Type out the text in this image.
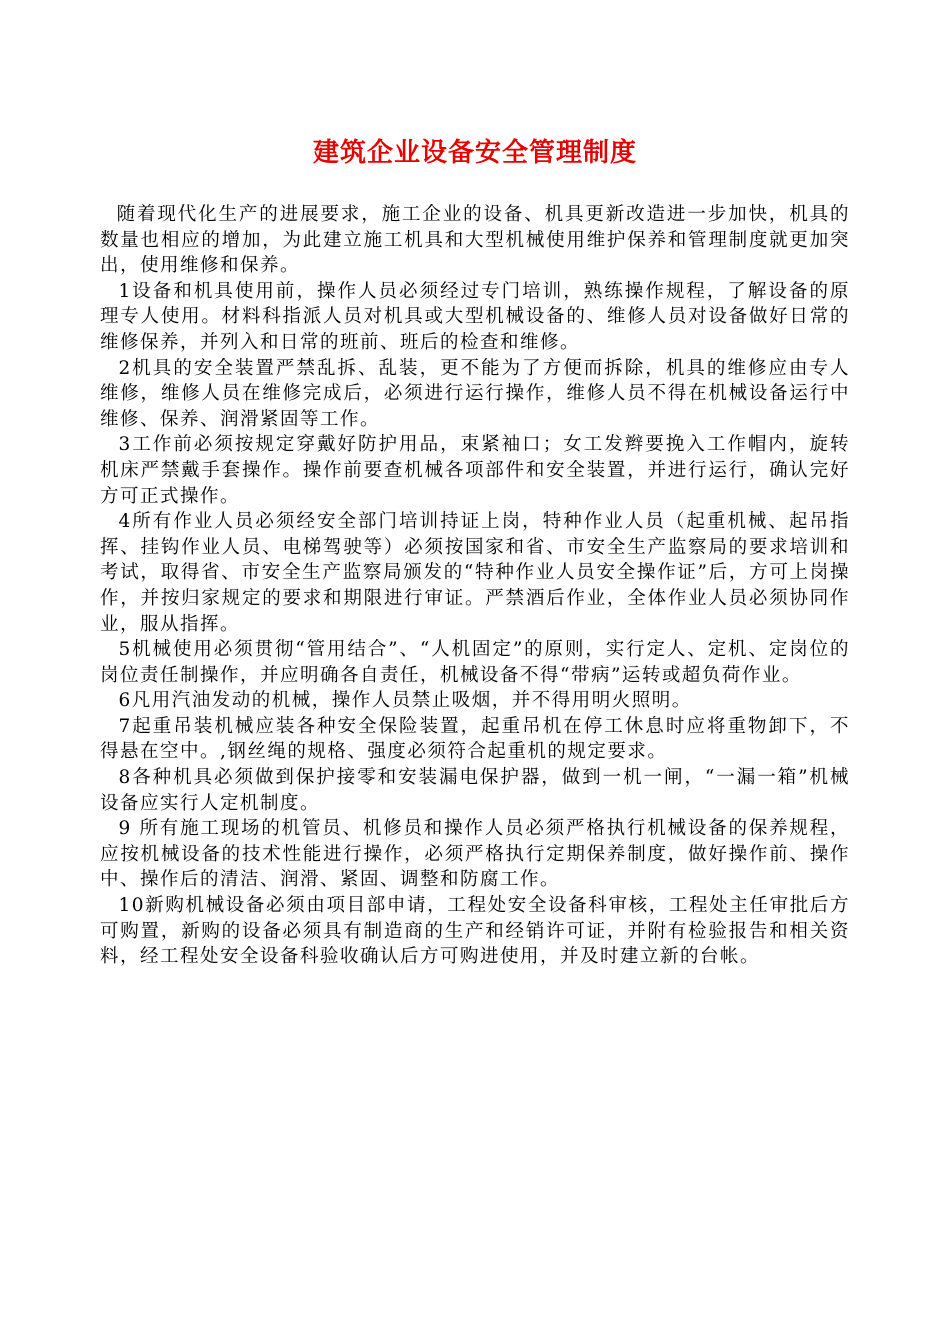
建筑企业设备安全管理制度

随着现代化生产的进展要求，施工企业的设备、机具更新改造进一步加快，机具的数量也相应的增加，为此建立施工机具和大型机械使用维护保养和管理制度就更加突出，使用维修和保养。

1设备和机具使用前，操作人员必须经过专门培训，熟练操作规程，了解设备的原理专人使用。材料科指派人员对机具或大型机械设备的、维修人员对设备做好日常的维修保养，并列入和日常的班前、班后的检查和维修。

2机具的安全装置严禁乱拆、乱装，更不能为了方便而拆除，机具的维修应由专人维修，维修人员在维修完成后，必须进行运行操作，维修人员不得在机械设备运行中维修、保养、润滑紧固等工作。

3工作前必须按规定穿戴好防护用品，束紧袖口；女工发辫要挽入工作帽内，旋转机床严禁戴手套操作。操作前要查机械各项部件和安全装置，并进行运行，确认完好方可正式操作。

4所有作业人员必须经安全部门培训持证上岗，特种作业人员（起重机械、起吊指挥、挂钩作业人员、电梯驾驶等）必须按国家和省、市安全生产监察局的要求培训和考试，取得省、市安全生产监察局颁发的“特种作业人员安全操作证”后，方可上岗操作，并按归家规定的要求和期限进行审证。严禁酒后作业，全体作业人员必须协同作业，服从指挥。

5机械使用必须贯彻“管用结合”、“人机固定”的原则，实行定人、定机、定岗位的岗位责任制操作，并应明确各自责任，机械设备不得“带病”运转或超负荷作业。

6凡用汽油发动的机械，操作人员禁止吸烟，并不得用明火照明。

7起重吊装机械应装各种安全保险装置，起重吊机在停工休息时应将重物卸下，不得悬在空中。,钢丝绳的规格、强度必须符合起重机的规定要求。

8各种机具必须做到保护接零和安装漏电保护器，做到一机一闸，“一漏一箱”机械设备应实行人定机制度。

9 所有施工现场的机管员、机修员和操作人员必须严格执行机械设备的保养规程，应按机械设备的技术性能进行操作，必须严格执行定期保养制度，做好操作前、操作中、操作后的清洁、润滑、紧固、调整和防腐工作。

10新购机械设备必须由项目部申请，工程处安全设备科审核，工程处主任审批后方可购置，新购的设备必须具有制造商的生产和经销许可证，并附有检验报告和相关资料，经工程处安全设备科验收确认后方可购进使用，并及时建立新的台帐。
